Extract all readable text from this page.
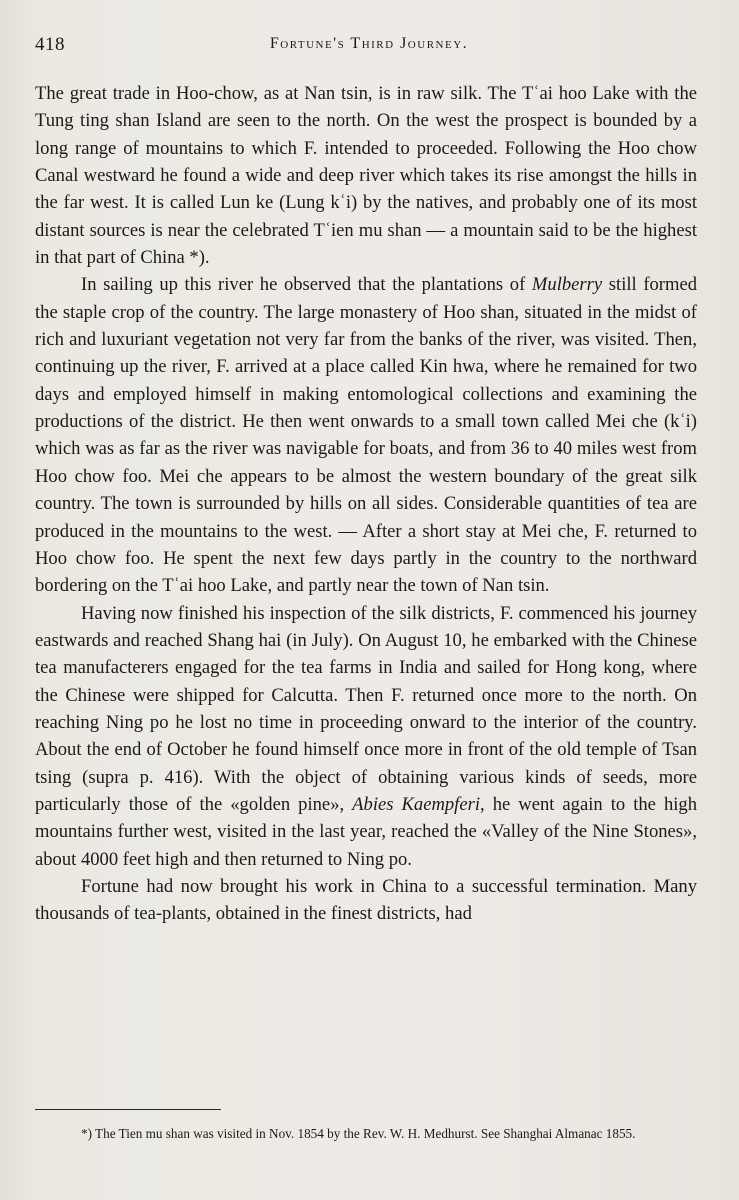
418	Fortune's Third Journey.

The great trade in Hoo-chow, as at Nan tsin, is in raw silk. The Tʿai hoo Lake with the Tung ting shan Island are seen to the north. On the west the prospect is bounded by a long range of mountains to which F. intended to proceeded. Following the Hoo chow Canal westward he found a wide and deep river which takes its rise amongst the hills in the far west. It is called Lun ke (Lung kʿi) by the natives, and probably one of its most distant sources is near the celebrated Tʿien mu shan — a mountain said to be the highest in that part of China *).

In sailing up this river he observed that the plantations of Mulberry still formed the staple crop of the country. The large monastery of Hoo shan, situated in the midst of rich and luxuriant vegetation not very far from the banks of the river, was visited. Then, continuing up the river, F. arrived at a place called Kin hwa, where he remained for two days and employed himself in making entomological collections and examining the productions of the district. He then went onwards to a small town called Mei che (kʿi) which was as far as the river was navigable for boats, and from 36 to 40 miles west from Hoo chow foo. Mei che appears to be almost the western boundary of the great silk country. The town is surrounded by hills on all sides. Considerable quantities of tea are produced in the mountains to the west. — After a short stay at Mei che, F. returned to Hoo chow foo. He spent the next few days partly in the country to the northward bordering on the Tʿai hoo Lake, and partly near the town of Nan tsin.

Having now finished his inspection of the silk districts, F. commenced his journey eastwards and reached Shang hai (in July). On August 10, he embarked with the Chinese tea manufacterers engaged for the tea farms in India and sailed for Hong kong, where the Chinese were shipped for Calcutta. Then F. returned once more to the north. On reaching Ning po he lost no time in proceeding onward to the interior of the country. About the end of October he found himself once more in front of the old temple of Tsan tsing (supra p. 416). With the object of obtaining various kinds of seeds, more particularly those of the «golden pine», Abies Kaempferi, he went again to the high mountains further west, visited in the last year, reached the «Valley of the Nine Stones», about 4000 feet high and then returned to Ning po.

Fortune had now brought his work in China to a successful termination. Many thousands of tea-plants, obtained in the finest districts, had

*) The Tien mu shan was visited in Nov. 1854 by the Rev. W. H. Medhurst. See Shanghai Almanac 1855.
